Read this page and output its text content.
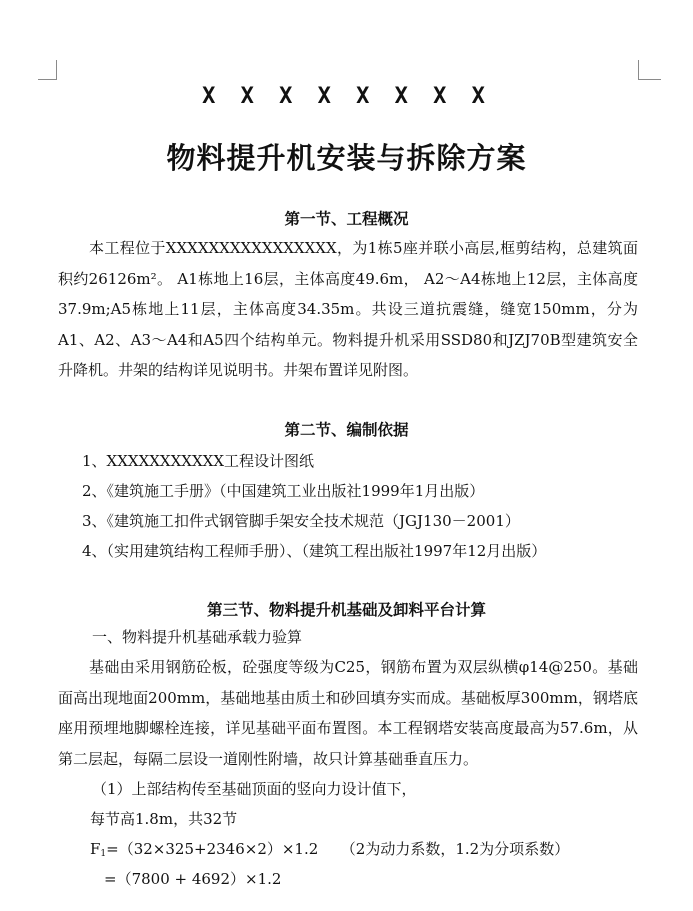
X X X X X X X X
物料提升机安装与拆除方案
第一节、工程概况

本工程位于XXXXXXXXXXXXXXXX，为1栋5座并联小高层,框剪结构，总建筑面积约26126m²。 A1栋地上16层，主体高度49.6m， A2～A4栋地上12层，主体高度37.9m;A5栋地上11层，主体高度34.35m。共设三道抗震缝，缝宽150mm，分为A1、A2、A3～A4和A5四个结构单元。物料提升机采用SSD80和JZJ70B型建筑安全升降机。井架的结构详见说明书。井架布置详见附图。

第二节、编制依据
1、XXXXXXXXXXX工程设计图纸
2、《建筑施工手册》（中国建筑工业出版社1999年1月出版）
3、《建筑施工扣件式钢管脚手架安全技术规范（JGJ130－2001）
4、（实用建筑结构工程师手册）、（建筑工程出版社1997年12月出版）
第三节、物料提升机基础及卸料平台计算
一、物料提升机基础承载力验算

基础由采用钢筋砼板，砼强度等级为C25，钢筋布置为双层纵横φ14@250。基础面高出现地面200mm，基础地基由质土和砂回填夯实而成。基础板厚300mm，钢塔底座用预埋地脚螺栓连接，详见基础平面布置图。本工程钢塔安装高度最高为57.6m，从第二层起，每隔二层设一道刚性附墙，故只计算基础垂直压力。

（1）上部结构传至基础顶面的竖向力设计值下，
每节高1.8m，共32节
$F_1=(32\times 325+2346\times 2)\times 1.2$　　（2为动力系数，1.2为分项系数）
=（7800 + 4692）×1.2
